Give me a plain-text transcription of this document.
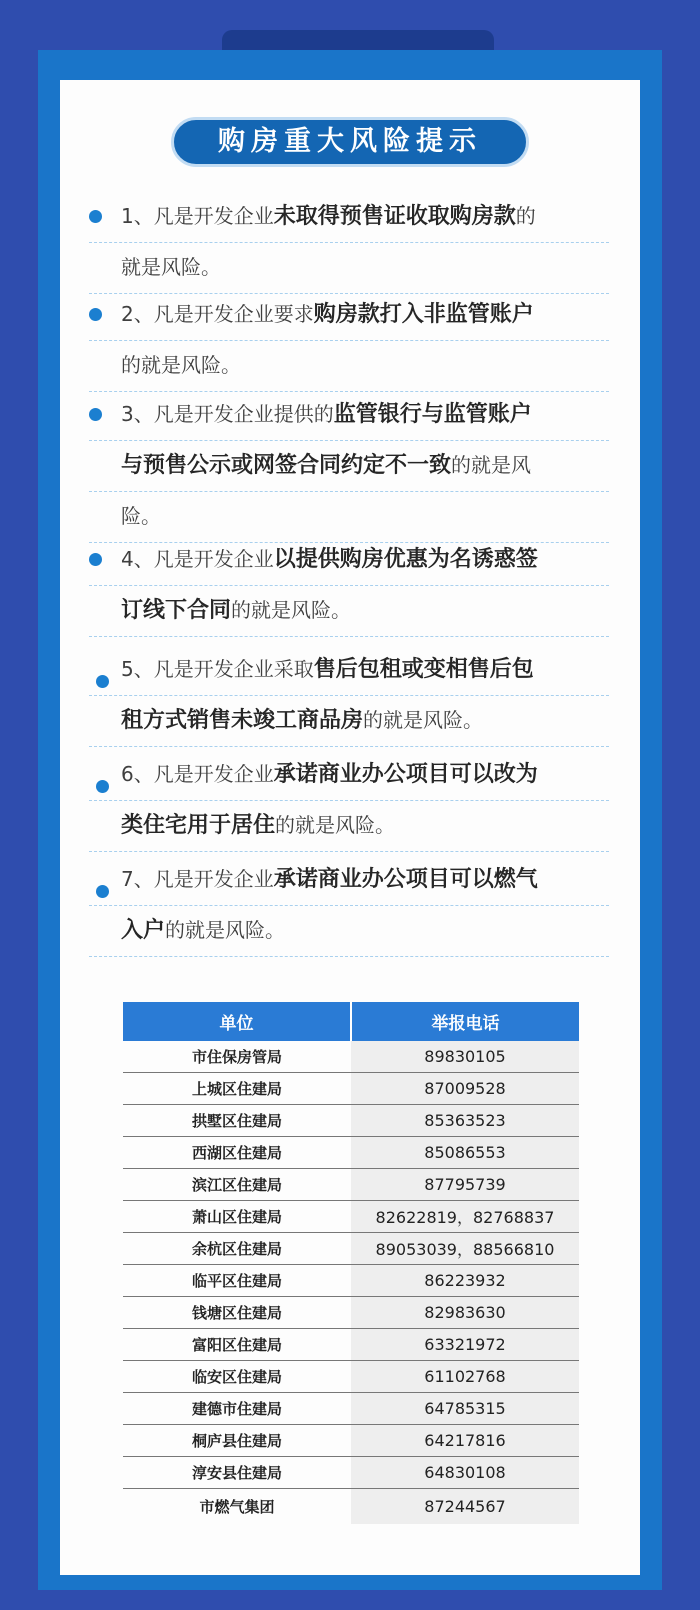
购房重大风险提示
1、凡是开发企业未取得预售证收取购房款的
就是风险。
2、凡是开发企业要求购房款打入非监管账户
的就是风险。
3、凡是开发企业提供的监管银行与监管账户
与预售公示或网签合同约定不一致的就是风
险。
4、凡是开发企业以提供购房优惠为名诱惑签
订线下合同的就是风险。
5、凡是开发企业采取售后包租或变相售后包
租方式销售未竣工商品房的就是风险。
6、凡是开发企业承诺商业办公项目可以改为
类住宅用于居住的就是风险。
7、凡是开发企业承诺商业办公项目可以燃气
入户的就是风险。
单位	举报电话
市住保房管局	89830105
上城区住建局	87009528
拱墅区住建局	85363523
西湖区住建局	85086553
滨江区住建局	87795739
萧山区住建局	82622819，82768837
余杭区住建局	89053039，88566810
临平区住建局	86223932
钱塘区住建局	82983630
富阳区住建局	63321972
临安区住建局	61102768
建德市住建局	64785315
桐庐县住建局	64217816
淳安县住建局	64830108
市燃气集团	87244567
